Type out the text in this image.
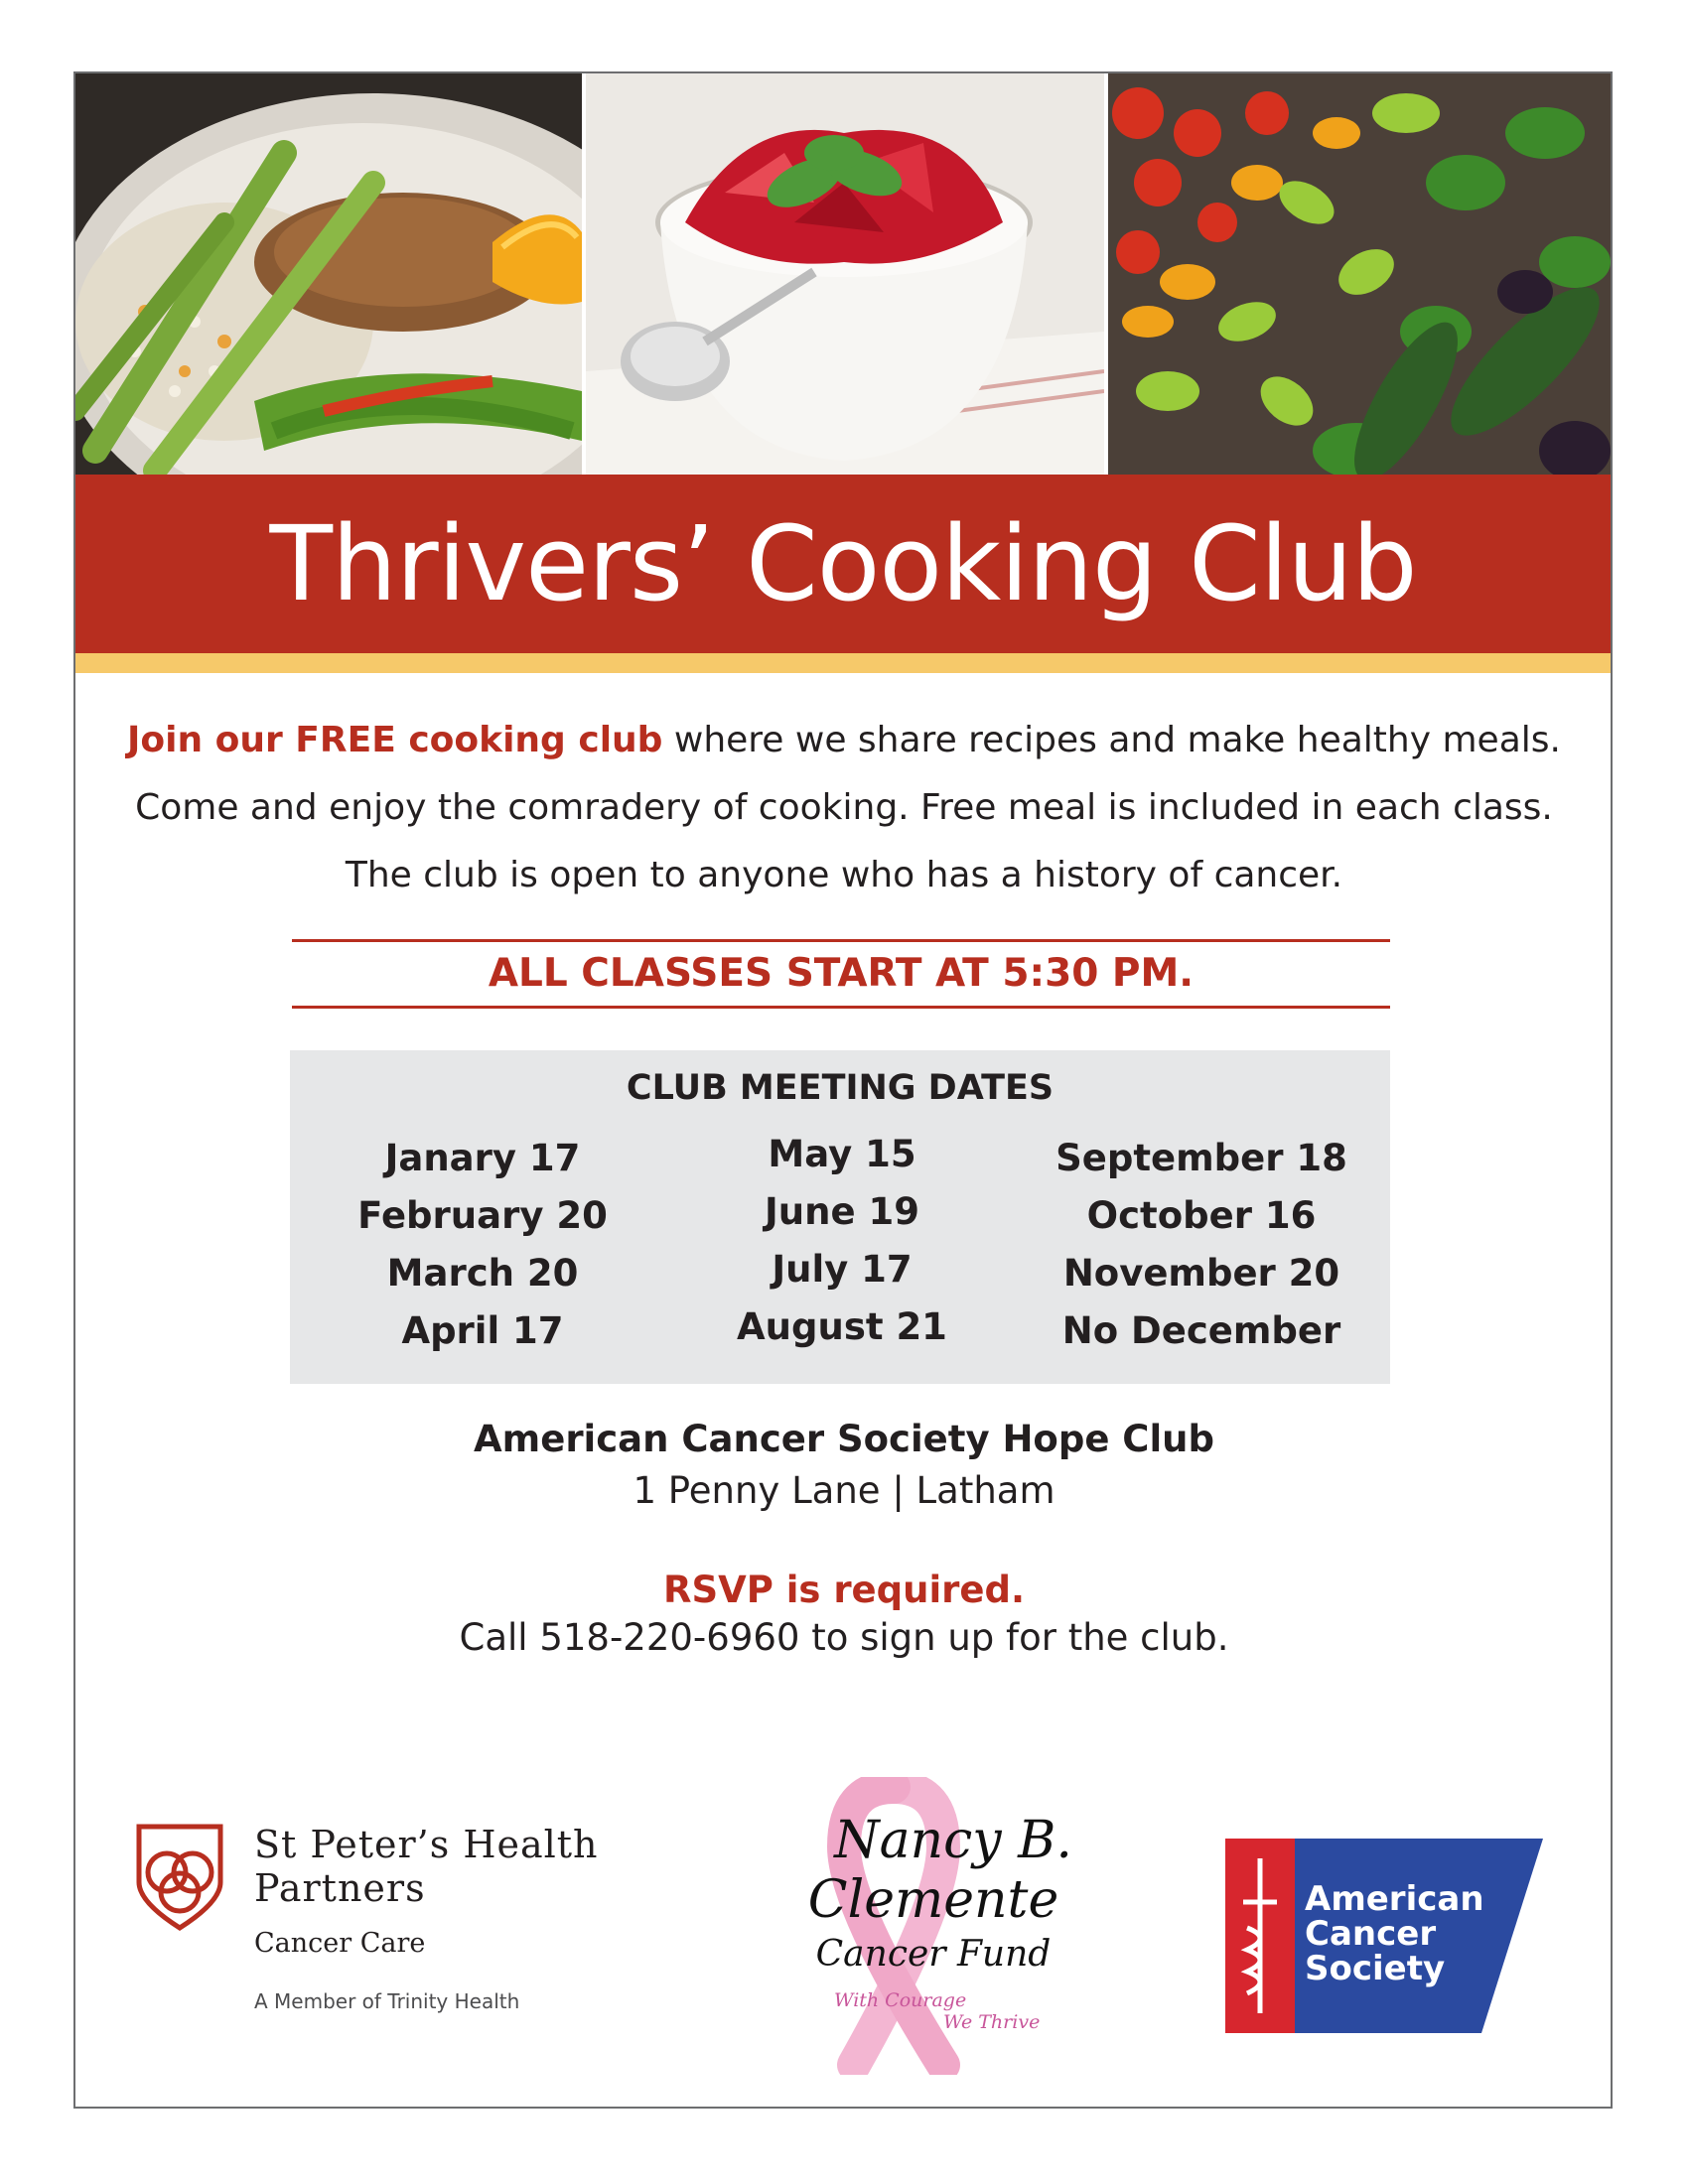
Thrivers’ Cooking Club
Join our FREE cooking club where we share recipes and make healthy meals.
Come and enjoy the comradery of cooking. Free meal is included in each class.
The club is open to anyone who has a history of cancer.
ALL CLASSES START AT 5:30 PM.
CLUB MEETING DATES
Janary 17
February 20
March 20
April 17
May 15
June 19
July 17
August 21
September 18
October 16
November 20
No December
American Cancer Society Hope Club
1 Penny Lane | Latham
RSVP is required.
Call 518-220-6960 to sign up for the club.
St Peter’s Health
Partners
Cancer Care
A Member of Trinity Health
Nancy B.
Clemente
Cancer Fund
With Courage
We Thrive
American
Cancer
Society
